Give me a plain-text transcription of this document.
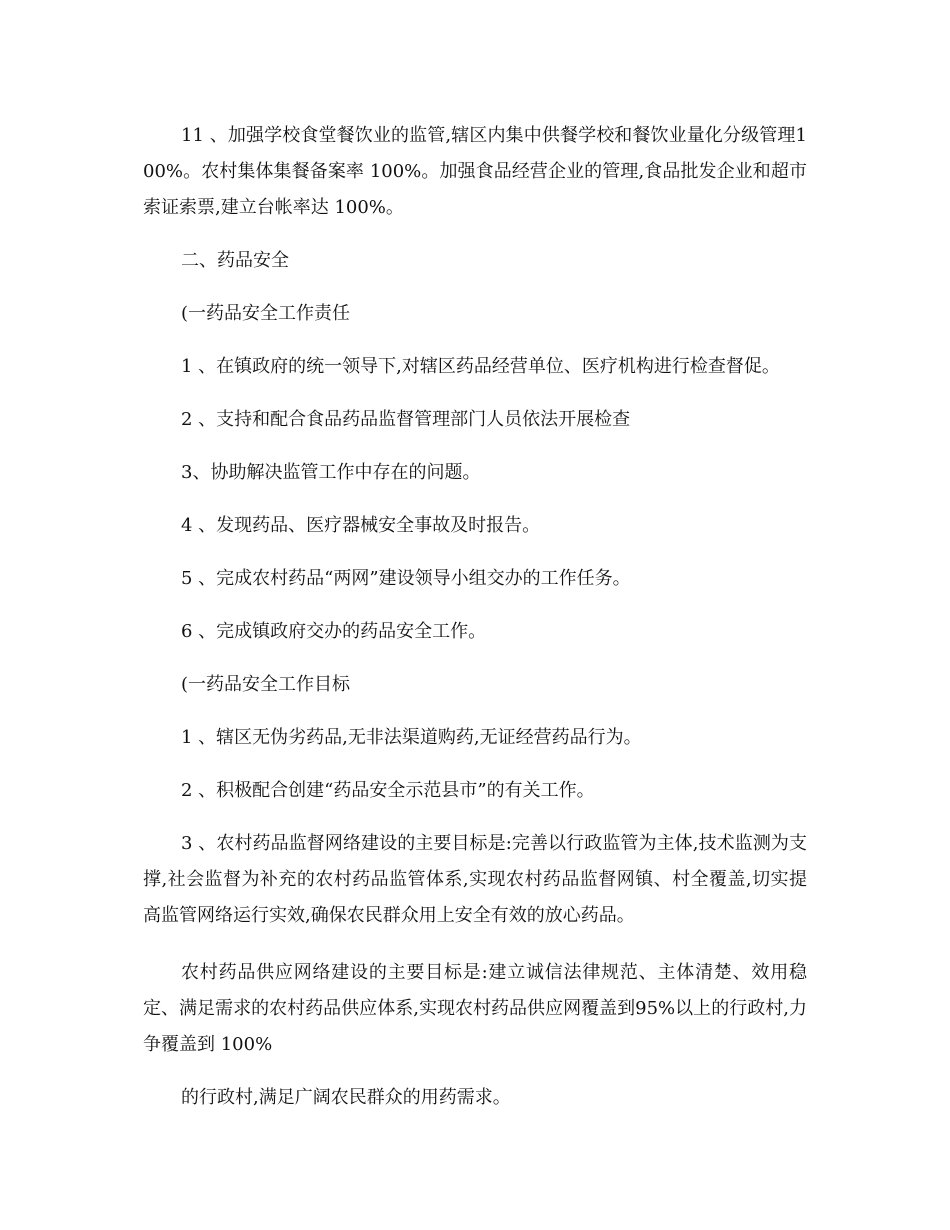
11 、加强学校食堂餐饮业的监管,辖区内集中供餐学校和餐饮业量化分级管理100%。农村集体集餐备案率 100%。加强食品经营企业的管理,食品批发企业和超市索证索票,建立台帐率达 100%。

二、药品安全

(一药品安全工作责任

1 、在镇政府的统一领导下,对辖区药品经营单位、医疗机构进行检查督促。

2 、支持和配合食品药品监督管理部门人员依法开展检查

3、协助解决监管工作中存在的问题。

4 、发现药品、医疗器械安全事故及时报告。

5 、完成农村药品“两网”建设领导小组交办的工作任务。

6 、完成镇政府交办的药品安全工作。

(一药品安全工作目标

1 、辖区无伪劣药品,无非法渠道购药,无证经营药品行为。

2 、积极配合创建“药品安全示范县市”的有关工作。

3 、农村药品监督网络建设的主要目标是:完善以行政监管为主体,技术监测为支撑,社会监督为补充的农村药品监管体系,实现农村药品监督网镇、村全覆盖,切实提高监管网络运行实效,确保农民群众用上安全有效的放心药品。

农村药品供应网络建设的主要目标是:建立诚信法律规范、主体清楚、效用稳定、满足需求的农村药品供应体系,实现农村药品供应网覆盖到95%以上的行政村,力争覆盖到 100%

的行政村,满足广阔农民群众的用药需求。
